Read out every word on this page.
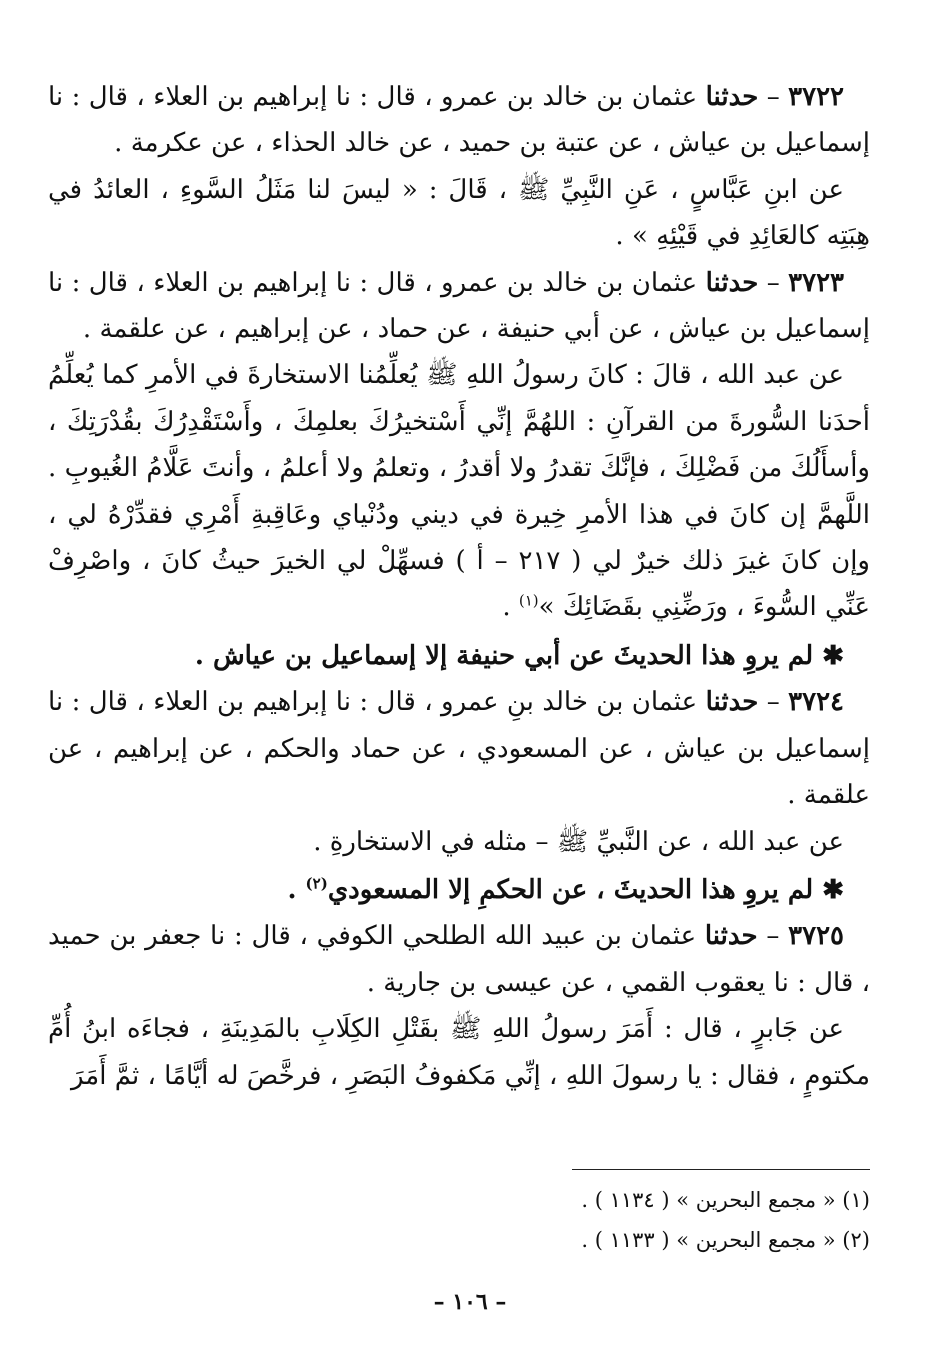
٣٧٢٢ – حدثنا عثمان بن خالد بن عمرو ، قال : نا إبراهيم بن العلاء ، قال : نا إسماعيل بن عياش ، عن عتبة بن حميد ، عن خالد الحذاء ، عن عكرمة .

عن ابنِ عَبَّاسٍ ، عَنِ النَّبِيِّ ﷺ ، قَالَ : « ليسَ لنا مَثَلُ السَّوءِ ، العائدُ في هِبَتِه كالعَائِدِ في قَيْئِهِ » .

٣٧٢٣ – حدثنا عثمان بن خالد بن عمرو ، قال : نا إبراهيم بن العلاء ، قال : نا إسماعيل بن عياش ، عن أبي حنيفة ، عن حماد ، عن إبراهيم ، عن علقمة .

عن عبد الله ، قالَ : كانَ رسولُ اللهِ ﷺ يُعلِّمُنا الاستخارةَ في الأمرِ كما يُعلِّمُ أحدَنا السُّورةَ من القرآنِ : اللهُمَّ إنِّي أَسْتخيرُكَ بعلمِكَ ، وأَسْتَقْدِرُكَ بقُدْرَتِكَ ، وأسأَلُكَ من فَضْلِكَ ، فإنَّكَ تقدرُ ولا أقدرُ ، وتعلمُ ولا أعلمُ ، وأنتَ عَلَّامُ الغُيوبِ . اللَّهمَّ إن كانَ في هذا الأمرِ خِيرة في ديني ودُنْياي وعَاقِبةِ أَمْرِي فقدِّرْهُ لي ، وإن كانَ غيرَ ذلك خيرٌ لي ( ٢١٧ – أ ) فسهِّلْ لي الخيرَ حيثُ كانَ ، واصْرِفْ عَنِّي السُّوءَ ، ورَضِّنِي بقَضَائِكَ »$^{(١)}$ .

✱ لم يروِ هذا الحديثَ عن أبي حنيفة إلا إسماعيل بن عياش .

٣٧٢٤ – حدثنا عثمان بن خالد بنِ عمرو ، قال : نا إبراهيم بن العلاء ، قال : نا إسماعيل بن عياش ، عن المسعودي ، عن حماد والحكم ، عن إبراهيم ، عن علقمة .

عن عبد الله ، عن النَّبيِّ ﷺ – مثله في الاستخارةِ .

✱ لم يروِ هذا الحديثَ ، عن الحكمِ إلا المسعودي$^{(٢)}$ .

٣٧٢٥ – حدثنا عثمان بن عبيد الله الطلحي الكوفي ، قال : نا جعفر بن حميد ، قال : نا يعقوب القمي ، عن عيسى بن جارية .

عن جَابرٍ ، قال : أَمَرَ رسولُ اللهِ ﷺ بقَتْلِ الكِلَابِ بالمَدِينَةِ ، فجاءَه ابنُ أُمِّ مكتومٍ ، فقال : يا رسولَ اللهِ ، إنِّي مَكفوفُ البَصَرِ ، فرخَّصَ له أيَّامًا ، ثمَّ أَمَرَ

(١) « مجمع البحرين » ( ١١٣٤ ) .

(٢) « مجمع البحرين » ( ١١٣٣ ) .

– ١٠٦ –
